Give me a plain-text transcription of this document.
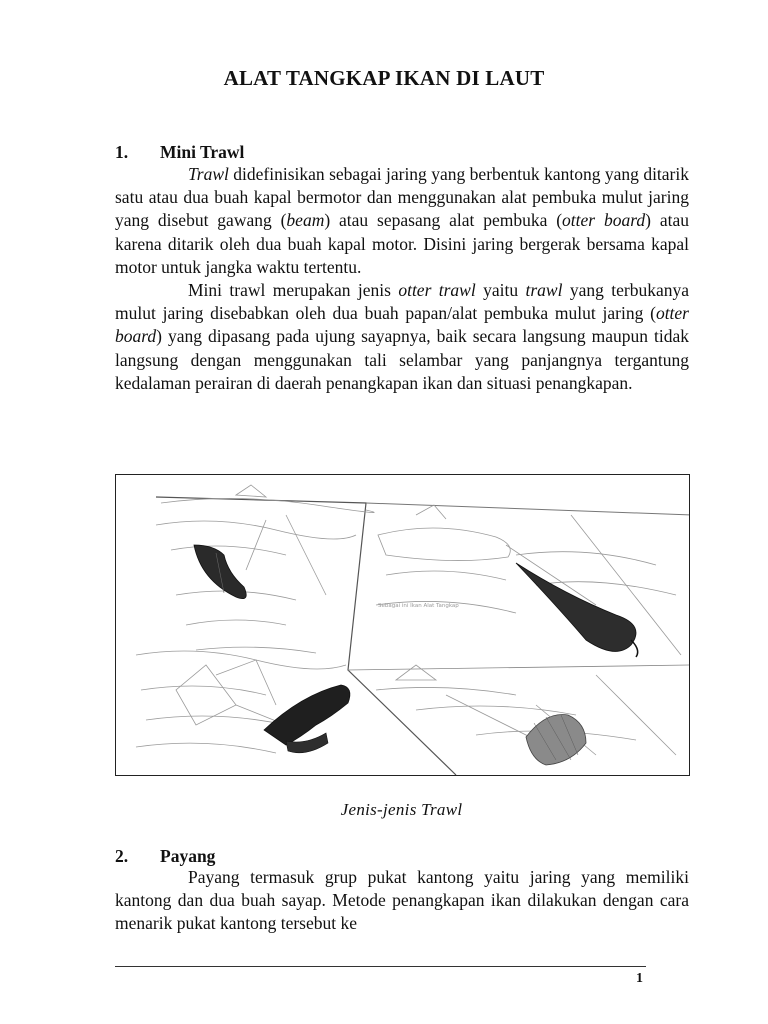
ALAT TANGKAP IKAN DI LAUT
1. Mini Trawl

Trawl didefinisikan sebagai jaring yang berbentuk kantong yang ditarik satu atau dua buah kapal bermotor dan menggunakan alat pembuka mulut jaring yang disebut gawang (beam) atau sepasang alat pembuka (otter board) atau karena ditarik oleh dua buah kapal motor. Disini jaring bergerak bersama kapal motor untuk jangka waktu tertentu.

Mini trawl merupakan jenis otter trawl yaitu trawl yang terbukanya mulut jaring disebabkan oleh dua buah papan/alat pembuka mulut jaring (otter board) yang dipasang pada ujung sayapnya, baik secara langsung maupun tidak langsung dengan menggunakan tali selambar yang panjangnya tergantung kedalaman perairan di daerah penangkapan ikan dan situasi penangkapan.

Sebagai ini Ikan Alat Tangkap
Jenis-jenis Trawl
2. Payang

Payang termasuk grup pukat kantong yaitu jaring yang memiliki kantong dan dua buah sayap. Metode penangkapan ikan dilakukan dengan cara menarik pukat kantong tersebut ke

1
